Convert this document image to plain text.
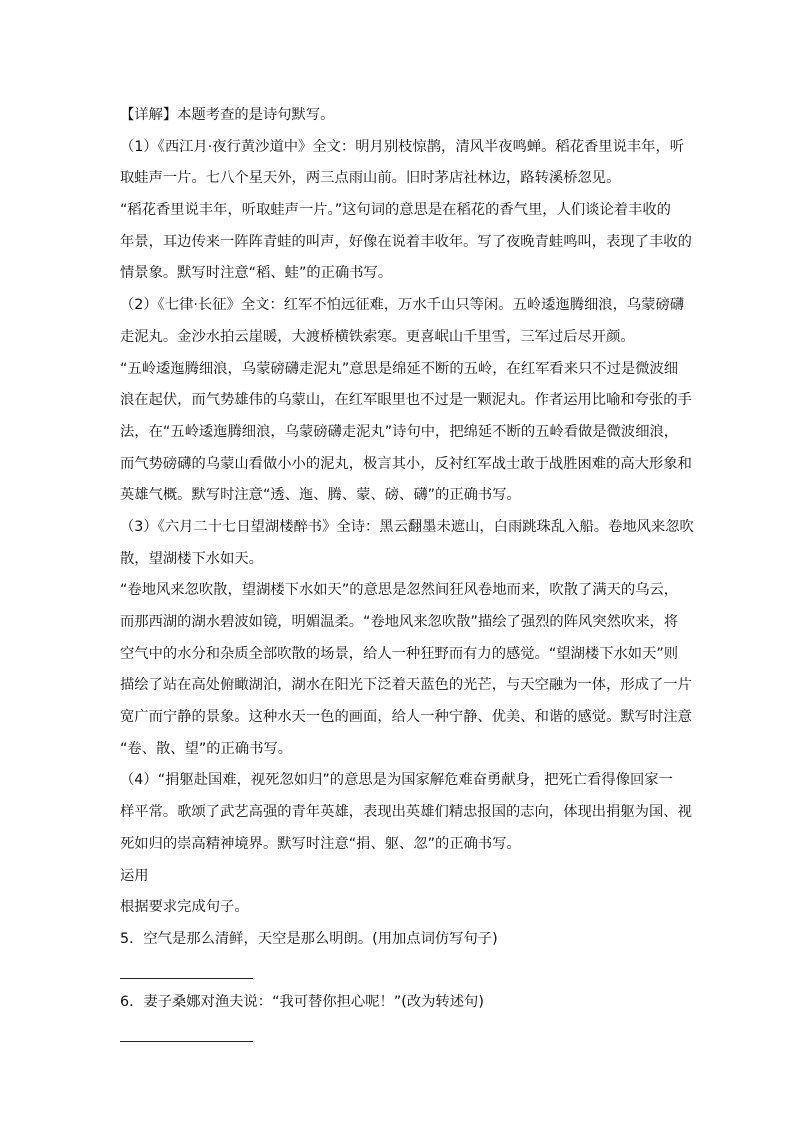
【详解】本题考查的是诗句默写。
（1）《西江月·夜行黄沙道中》全文：明月别枝惊鹊，清风半夜鸣蝉。稻花香里说丰年，听
取蛙声一片。七八个星天外，两三点雨山前。旧时茅店社林边，路转溪桥忽见。
“稻花香里说丰年，听取蛙声一片。”这句词的意思是在稻花的香气里，人们谈论着丰收的
年景，耳边传来一阵阵青蛙的叫声，好像在说着丰收年。写了夜晚青蛙鸣叫，表现了丰收的
情景象。默写时注意“稻、蛙”的正确书写。
（2）《七律·长征》全文：红军不怕远征难，万水千山只等闲。五岭逶迤腾细浪，乌蒙磅礴
走泥丸。金沙水拍云崖暖，大渡桥横铁索寒。更喜岷山千里雪，三军过后尽开颜。
“五岭逶迤腾细浪，乌蒙磅礴走泥丸”意思是绵延不断的五岭，在红军看来只不过是微波细
浪在起伏，而气势雄伟的乌蒙山，在红军眼里也不过是一颗泥丸。作者运用比喻和夸张的手
法，在“五岭逶迤腾细浪，乌蒙磅礴走泥丸”诗句中，把绵延不断的五岭看做是微波细浪，
而气势磅礴的乌蒙山看做小小的泥丸，极言其小，反衬红军战士敢于战胜困难的高大形象和
英雄气概。默写时注意“透、迤、腾、蒙、磅、礴”的正确书写。
（3）《六月二十七日望湖楼醉书》全诗：黑云翻墨未遮山，白雨跳珠乱入船。卷地风来忽吹
散，望湖楼下水如天。
“卷地风来忽吹散，望湖楼下水如天”的意思是忽然间狂风卷地而来，吹散了满天的乌云，
而那西湖的湖水碧波如镜，明媚温柔。“卷地风来忽吹散”描绘了强烈的阵风突然吹来，将
空气中的水分和杂质全部吹散的场景，给人一种狂野而有力的感觉。“望湖楼下水如天”则
描绘了站在高处俯瞰湖泊，湖水在阳光下泛着天蓝色的光芒，与天空融为一体，形成了一片
宽广而宁静的景象。这种水天一色的画面，给人一种宁静、优美、和谐的感觉。默写时注意
“卷、散、望”的正确书写。
（4）“捐躯赴国难，视死忽如归”的意思是为国家解危难奋勇献身，把死亡看得像回家一
样平常。歌颂了武艺高强的青年英雄，表现出英雄们精忠报国的志向，体现出捐躯为国、视
死如归的崇高精神境界。默写时注意“捐、躯、忽”的正确书写。
运用
根据要求完成句子。
5．空气是那么清鲜，天空是那么明朗。(用加点词仿写句子)
6．妻子桑娜对渔夫说：“我可替你担心呢！”(改为转述句)
